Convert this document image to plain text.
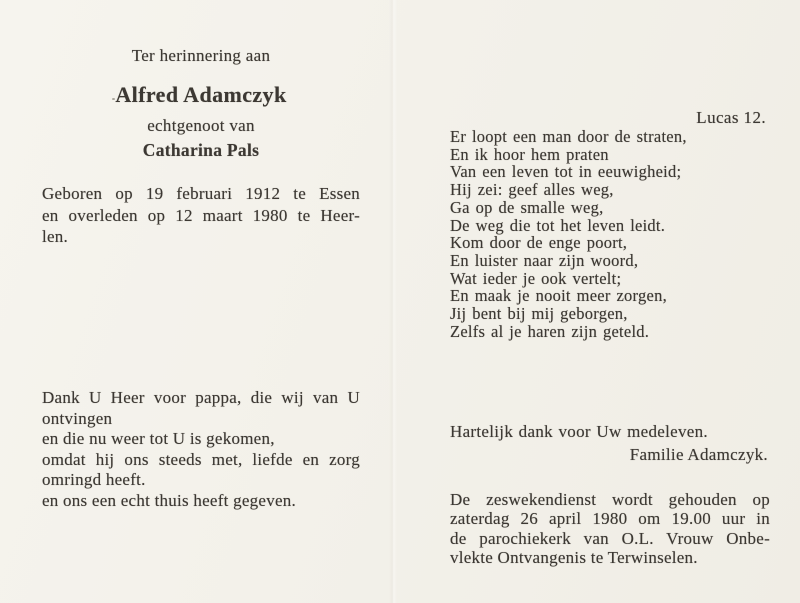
Ter herinnering aan
Alfred Adamczyk
echtgenoot van
Catharina Pals
Geboren op 19 februari 1912 te Essen
en overleden op 12 maart 1980 te Heer-
len.
Dank U Heer voor pappa, die wij van U
ontvingen
en die nu weer tot U is gekomen,
omdat hij ons steeds met, liefde en zorg
omringd heeft.
en ons een echt thuis heeft gegeven.
Lucas 12.
Er loopt een man door de straten,
En ik hoor hem praten
Van een leven tot in eeuwigheid;
Hij zei: geef alles weg,
Ga op de smalle weg,
De weg die tot het leven leidt.
Kom door de enge poort,
En luister naar zijn woord,
Wat ieder je ook vertelt;
En maak je nooit meer zorgen,
Jij bent bij mij geborgen,
Zelfs al je haren zijn geteld.
Hartelijk dank voor Uw medeleven.
Familie Adamczyk.
De zeswekendienst wordt gehouden op
zaterdag 26 april 1980 om 19.00 uur in
de parochiekerk van O.L. Vrouw Onbe-
vlekte Ontvangenis te Terwinselen.
